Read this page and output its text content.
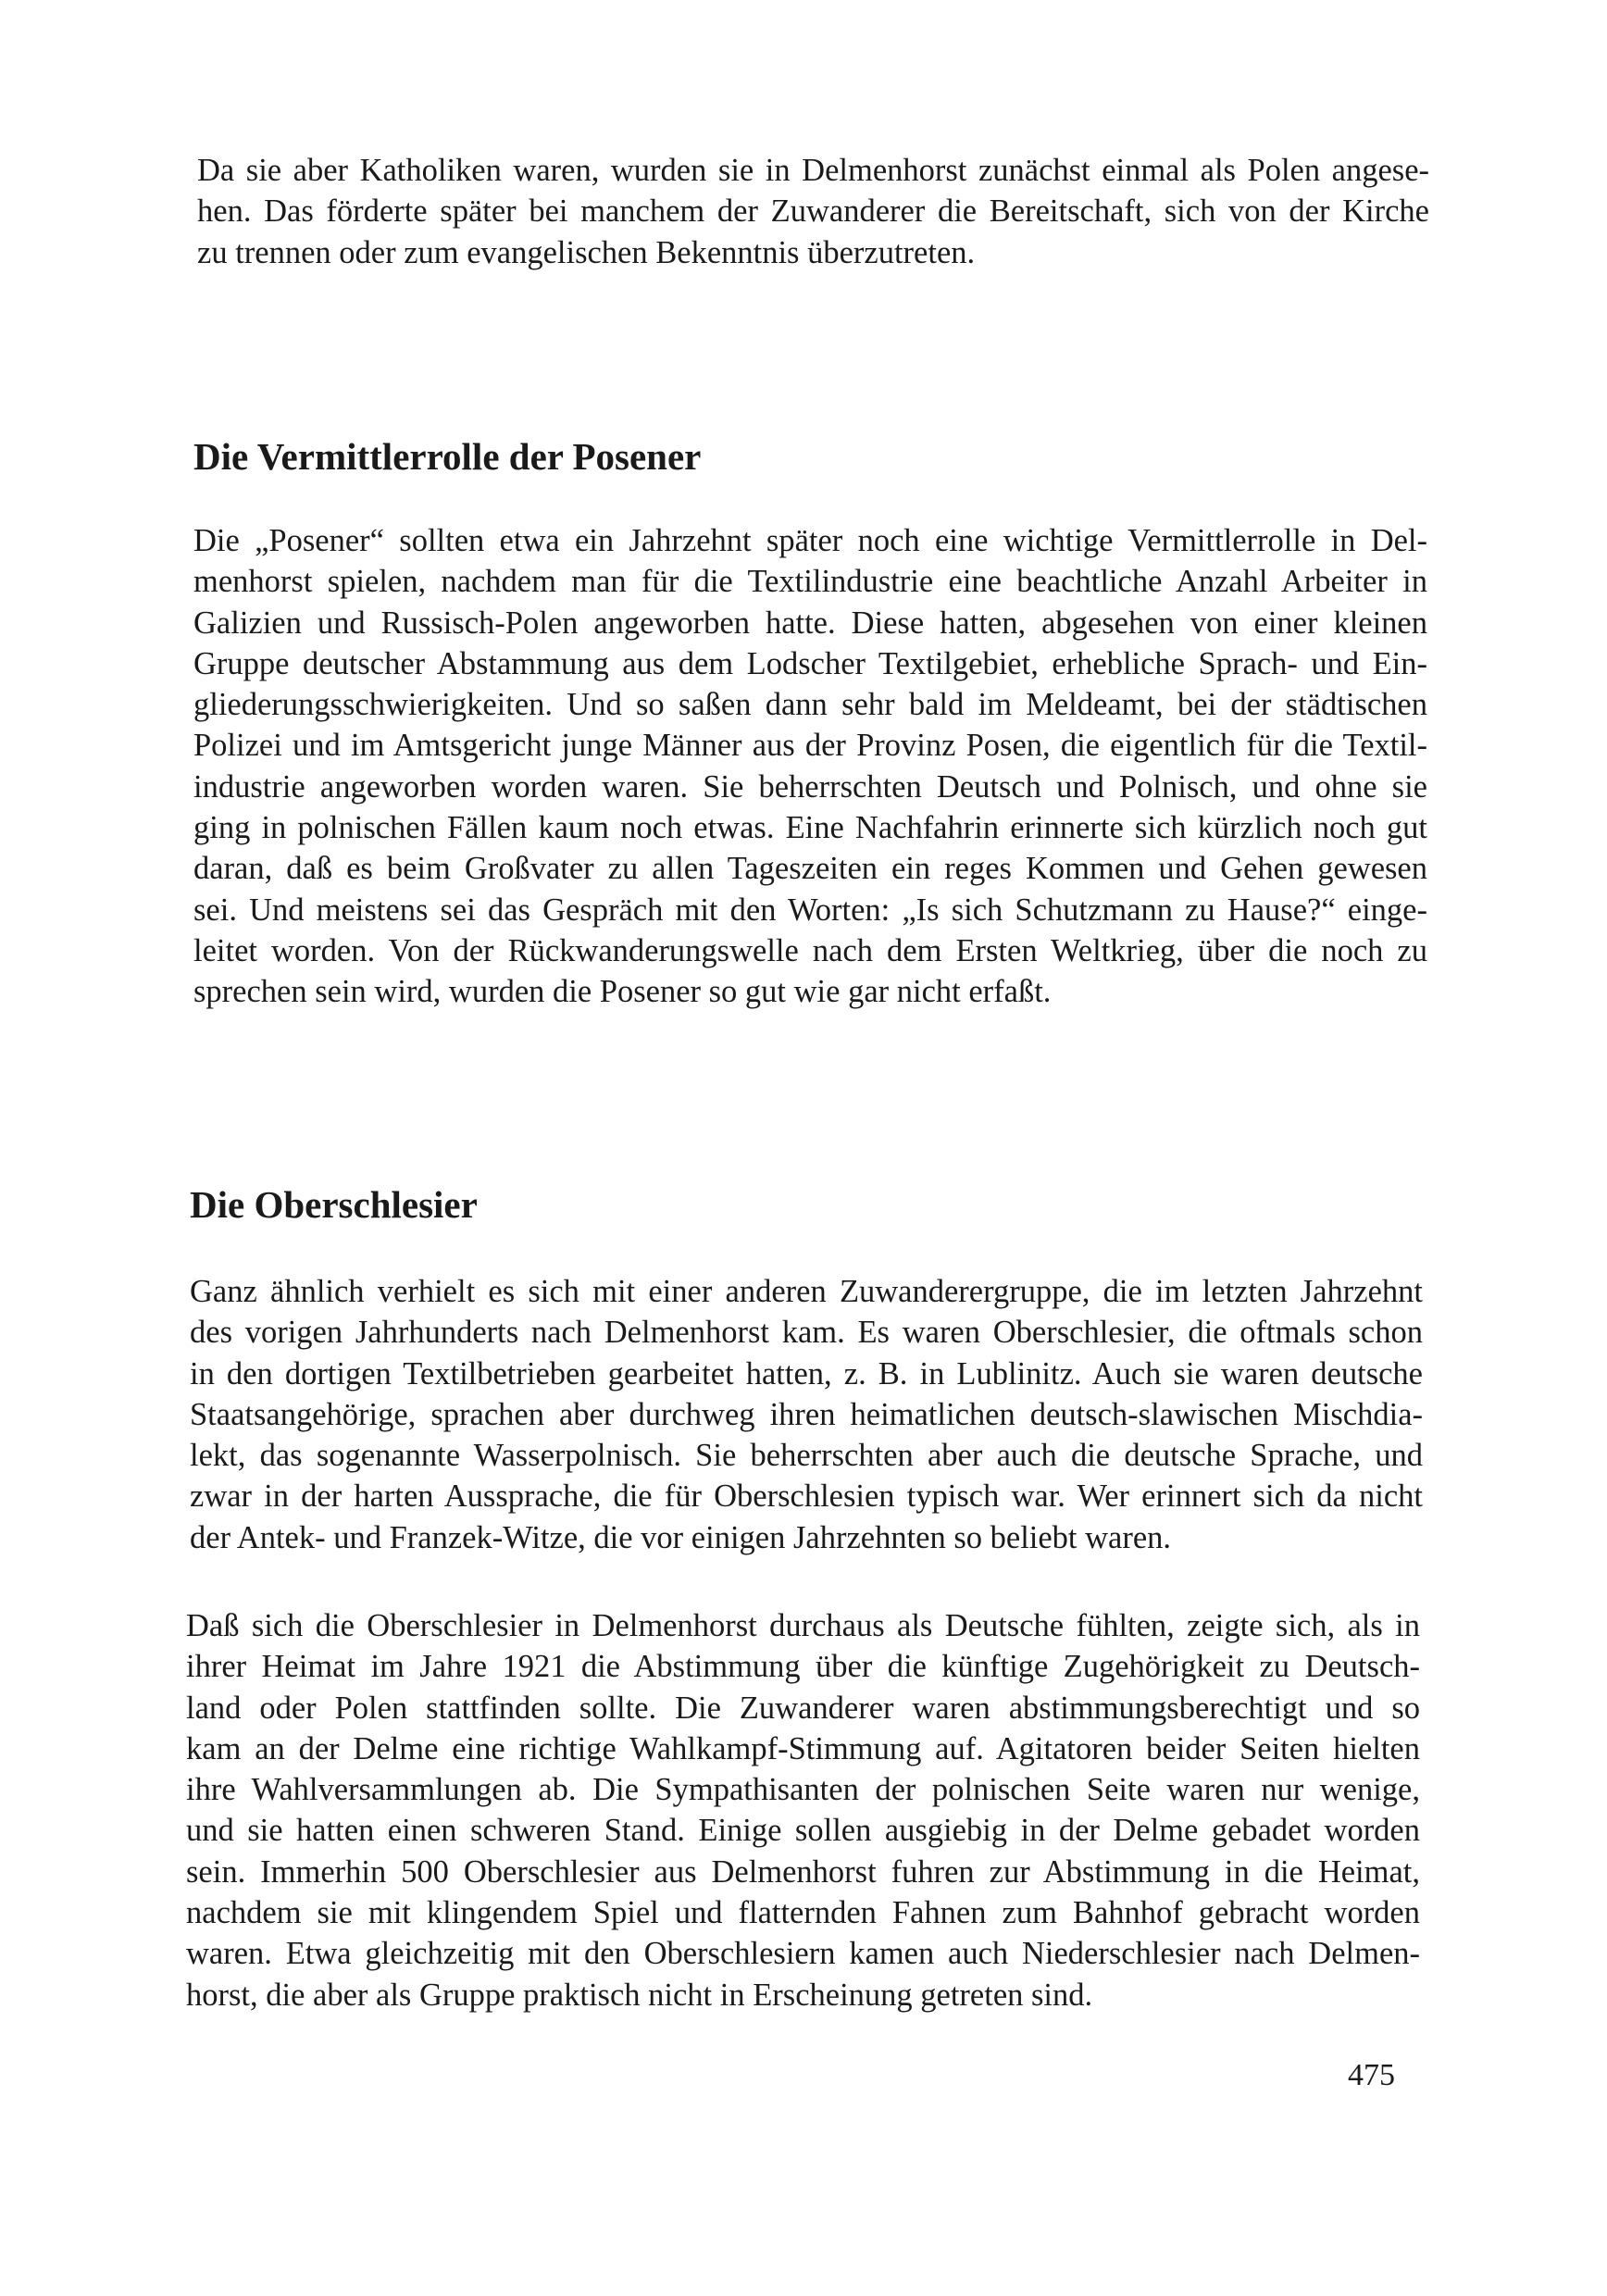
Da sie aber Katholiken waren, wurden sie in Delmenhorst zunächst einmal als Polen angese-
hen. Das förderte später bei manchem der Zuwanderer die Bereitschaft, sich von der Kirche
zu trennen oder zum evangelischen Bekenntnis überzutreten.
Die Vermittlerrolle der Posener
Die „Posener“ sollten etwa ein Jahrzehnt später noch eine wichtige Vermittlerrolle in Del-
menhorst spielen, nachdem man für die Textilindustrie eine beachtliche Anzahl Arbeiter in
Galizien und Russisch-Polen angeworben hatte. Diese hatten, abgesehen von einer kleinen
Gruppe deutscher Abstammung aus dem Lodscher Textilgebiet, erhebliche Sprach- und Ein-
gliederungsschwierigkeiten. Und so saßen dann sehr bald im Meldeamt, bei der städtischen
Polizei und im Amtsgericht junge Männer aus der Provinz Posen, die eigentlich für die Textil-
industrie angeworben worden waren. Sie beherrschten Deutsch und Polnisch, und ohne sie
ging in polnischen Fällen kaum noch etwas. Eine Nachfahrin erinnerte sich kürzlich noch gut
daran, daß es beim Großvater zu allen Tageszeiten ein reges Kommen und Gehen gewesen
sei. Und meistens sei das Gespräch mit den Worten: „Is sich Schutzmann zu Hause?“ einge-
leitet worden. Von der Rückwanderungswelle nach dem Ersten Weltkrieg, über die noch zu
sprechen sein wird, wurden die Posener so gut wie gar nicht erfaßt.
Die Oberschlesier
Ganz ähnlich verhielt es sich mit einer anderen Zuwanderergruppe, die im letzten Jahrzehnt
des vorigen Jahrhunderts nach Delmenhorst kam. Es waren Oberschlesier, die oftmals schon
in den dortigen Textilbetrieben gearbeitet hatten, z. B. in Lublinitz. Auch sie waren deutsche
Staatsangehörige, sprachen aber durchweg ihren heimatlichen deutsch-slawischen Mischdia-
lekt, das sogenannte Wasserpolnisch. Sie beherrschten aber auch die deutsche Sprache, und
zwar in der harten Aussprache, die für Oberschlesien typisch war. Wer erinnert sich da nicht
der Antek- und Franzek-Witze, die vor einigen Jahrzehnten so beliebt waren.
Daß sich die Oberschlesier in Delmenhorst durchaus als Deutsche fühlten, zeigte sich, als in
ihrer Heimat im Jahre 1921 die Abstimmung über die künftige Zugehörigkeit zu Deutsch-
land oder Polen stattfinden sollte. Die Zuwanderer waren abstimmungsberechtigt und so
kam an der Delme eine richtige Wahlkampf-Stimmung auf. Agitatoren beider Seiten hielten
ihre Wahlversammlungen ab. Die Sympathisanten der polnischen Seite waren nur wenige,
und sie hatten einen schweren Stand. Einige sollen ausgiebig in der Delme gebadet worden
sein. Immerhin 500 Oberschlesier aus Delmenhorst fuhren zur Abstimmung in die Heimat,
nachdem sie mit klingendem Spiel und flatternden Fahnen zum Bahnhof gebracht worden
waren. Etwa gleichzeitig mit den Oberschlesiern kamen auch Niederschlesier nach Delmen-
horst, die aber als Gruppe praktisch nicht in Erscheinung getreten sind.
475
